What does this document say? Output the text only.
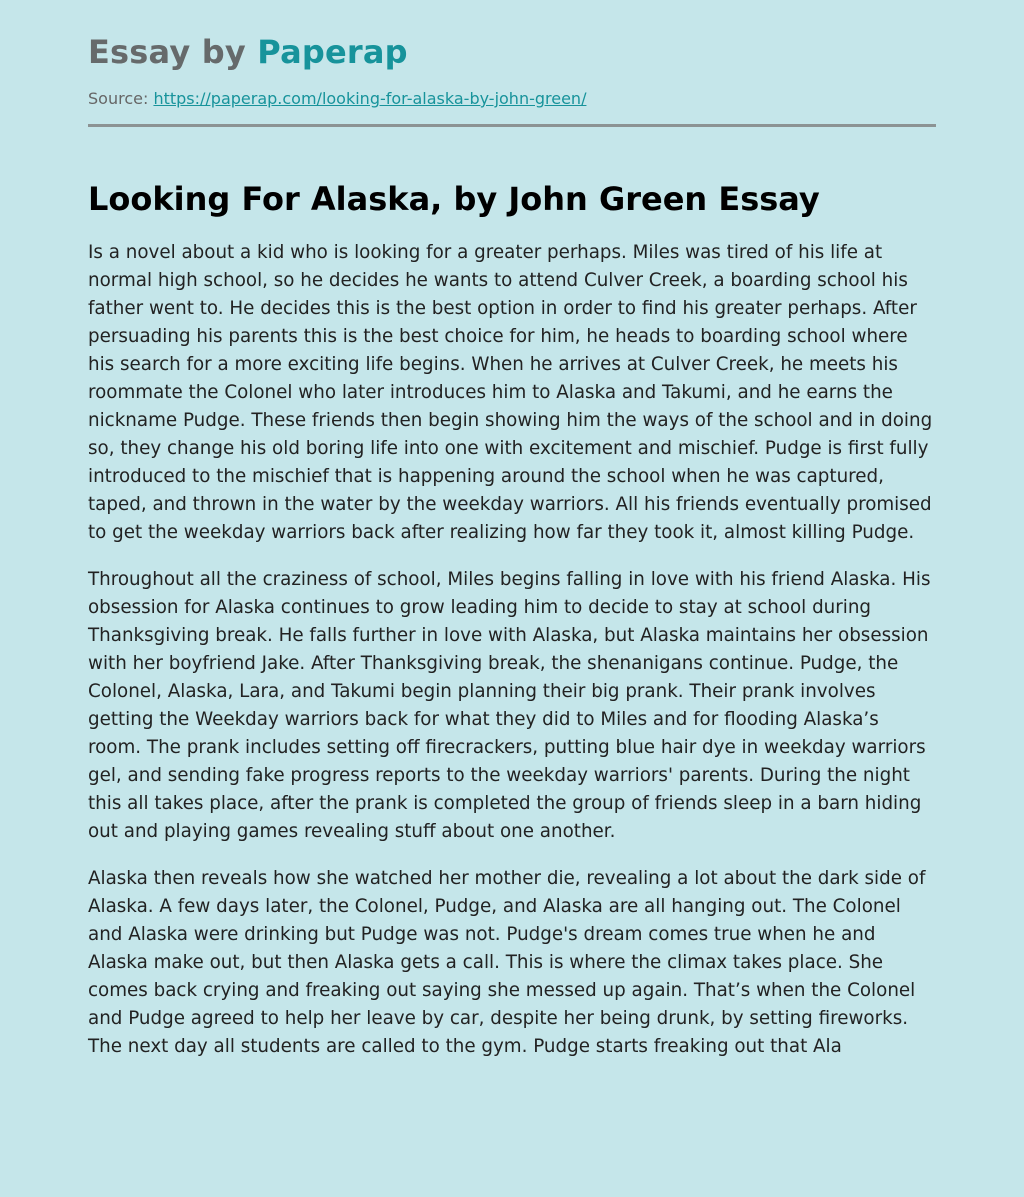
Essay by Paperap
Source: https://paperap.com/looking-for-alaska-by-john-green/
Looking For Alaska, by John Green Essay

Is a novel about a kid who is looking for a greater perhaps. Miles was tired of his life at normal high school, so he decides he wants to attend Culver Creek, a boarding school his father went to. He decides this is the best option in order to find his greater perhaps. After persuading his parents this is the best choice for him, he heads to boarding school where his search for a more exciting life begins. When he arrives at Culver Creek, he meets his roommate the Colonel who later introduces him to Alaska and Takumi, and he earns the nickname Pudge. These friends then begin showing him the ways of the school and in doing so, they change his old boring life into one with excitement and mischief. Pudge is first fully introduced to the mischief that is happening around the school when he was captured, taped, and thrown in the water by the weekday warriors. All his friends eventually promised to get the weekday warriors back after realizing how far they took it, almost killing Pudge.

Throughout all the craziness of school, Miles begins falling in love with his friend Alaska. His obsession for Alaska continues to grow leading him to decide to stay at school during Thanksgiving break. He falls further in love with Alaska, but Alaska maintains her obsession with her boyfriend Jake. After Thanksgiving break, the shenanigans continue. Pudge, the Colonel, Alaska, Lara, and Takumi begin planning their big prank. Their prank involves getting the Weekday warriors back for what they did to Miles and for flooding Alaska’s room. The prank includes setting off firecrackers, putting blue hair dye in weekday warriors gel, and sending fake progress reports to the weekday warriors' parents. During the night this all takes place, after the prank is completed the group of friends sleep in a barn hiding out and playing games revealing stuff about one another.

Alaska then reveals how she watched her mother die, revealing a lot about the dark side of Alaska. A few days later, the Colonel, Pudge, and Alaska are all hanging out. The Colonel and Alaska were drinking but Pudge was not. Pudge's dream comes true when he and Alaska make out, but then Alaska gets a call. This is where the climax takes place. She comes back crying and freaking out saying she messed up again. That’s when the Colonel and Pudge agreed to help her leave by car, despite her being drunk, by setting fireworks. The next day all students are called to the gym. Pudge starts freaking out that Ala
